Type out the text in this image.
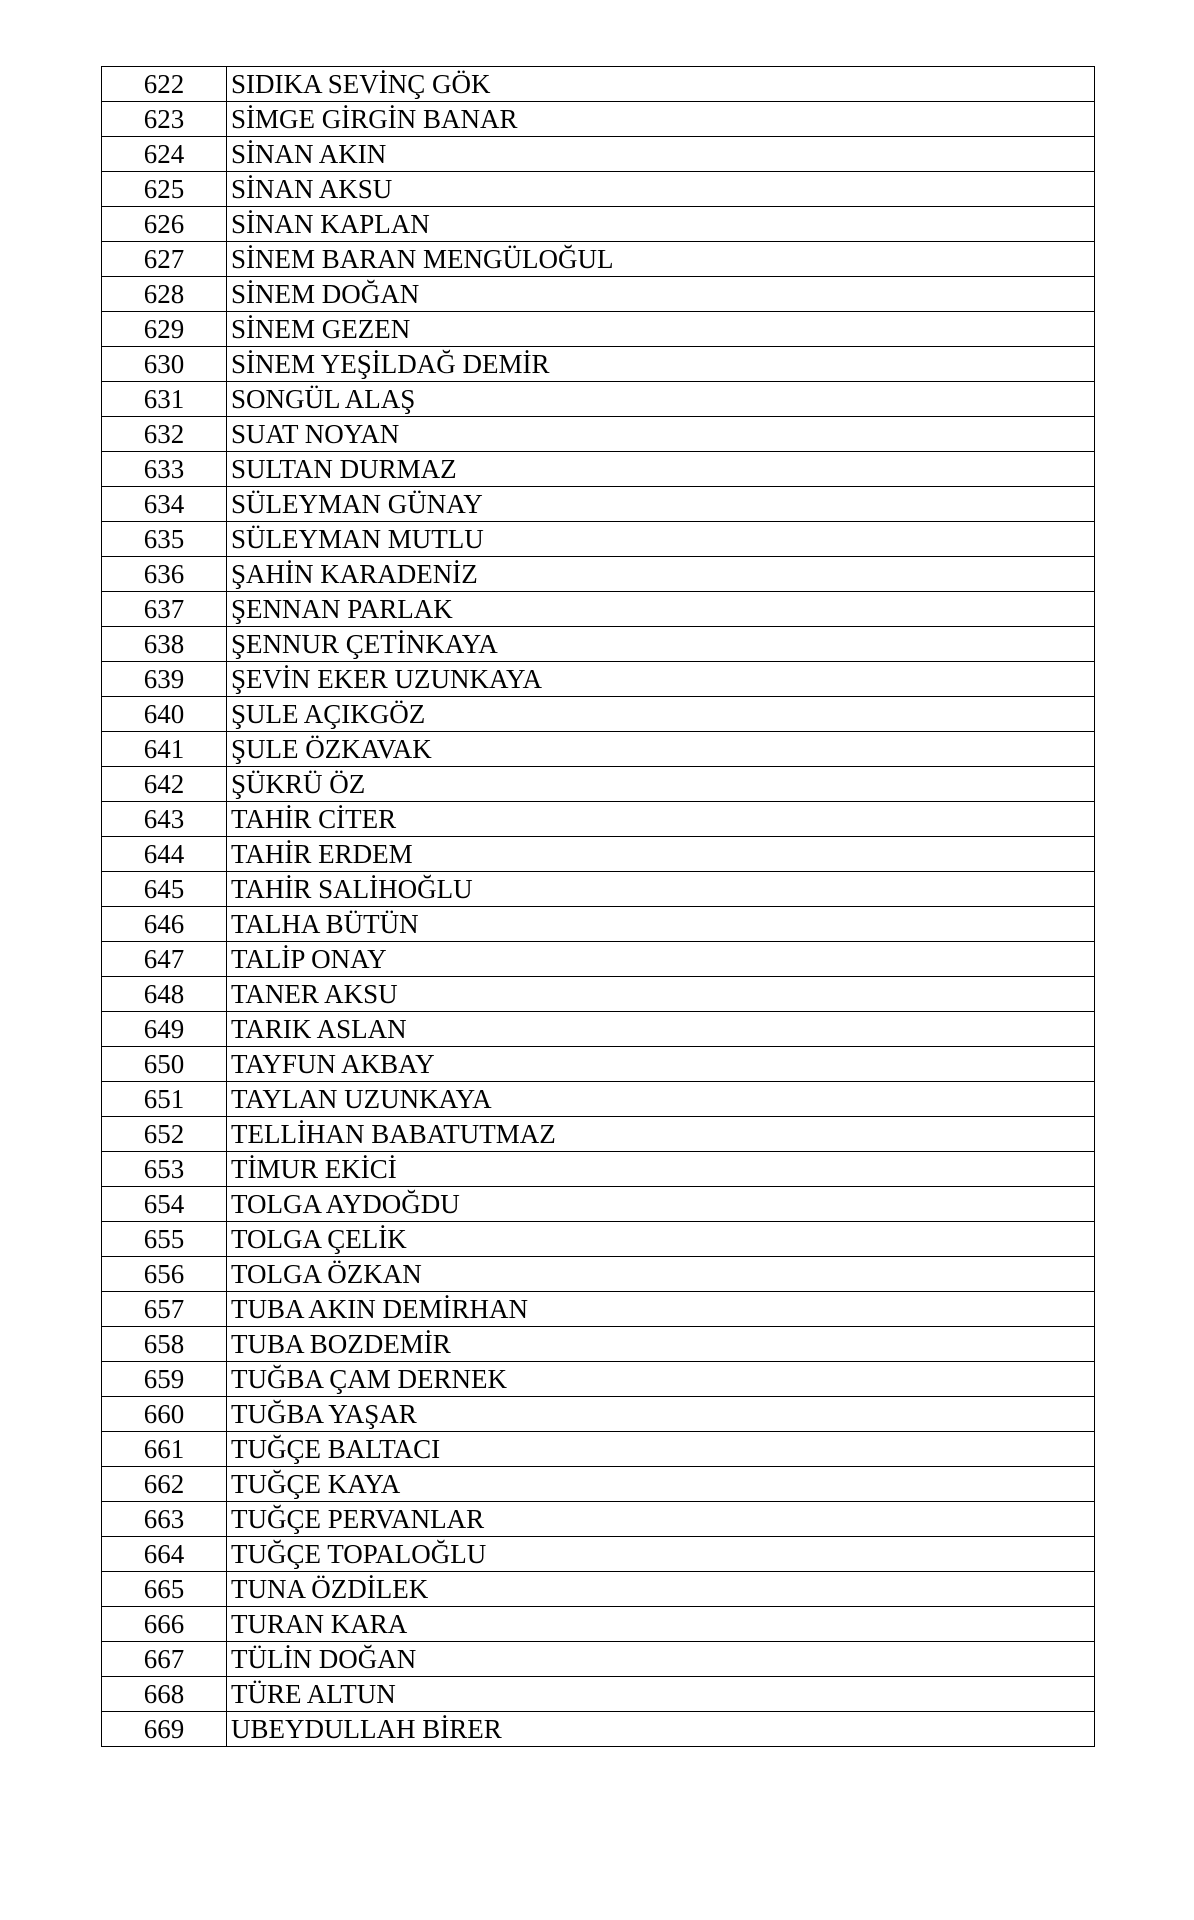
622	SIDIKA SEVİNÇ GÖK
623	SİMGE GİRGİN BANAR
624	SİNAN AKIN
625	SİNAN AKSU
626	SİNAN KAPLAN
627	SİNEM BARAN MENGÜLOĞUL
628	SİNEM DOĞAN
629	SİNEM GEZEN
630	SİNEM YEŞİLDAĞ DEMİR
631	SONGÜL ALAŞ
632	SUAT NOYAN
633	SULTAN DURMAZ
634	SÜLEYMAN GÜNAY
635	SÜLEYMAN MUTLU
636	ŞAHİN KARADENİZ
637	ŞENNAN PARLAK
638	ŞENNUR ÇETİNKAYA
639	ŞEVİN EKER UZUNKAYA
640	ŞULE AÇIKGÖZ
641	ŞULE ÖZKAVAK
642	ŞÜKRÜ ÖZ
643	TAHİR CİTER
644	TAHİR ERDEM
645	TAHİR SALİHOĞLU
646	TALHA BÜTÜN
647	TALİP ONAY
648	TANER AKSU
649	TARIK ASLAN
650	TAYFUN AKBAY
651	TAYLAN UZUNKAYA
652	TELLİHAN BABATUTMAZ
653	TİMUR EKİCİ
654	TOLGA AYDOĞDU
655	TOLGA ÇELİK
656	TOLGA ÖZKAN
657	TUBA AKIN DEMİRHAN
658	TUBA BOZDEMİR
659	TUĞBA ÇAM DERNEK
660	TUĞBA YAŞAR
661	TUĞÇE BALTACI
662	TUĞÇE KAYA
663	TUĞÇE PERVANLAR
664	TUĞÇE TOPALOĞLU
665	TUNA ÖZDİLEK
666	TURAN KARA
667	TÜLİN DOĞAN
668	TÜRE ALTUN
669	UBEYDULLAH BİRER
